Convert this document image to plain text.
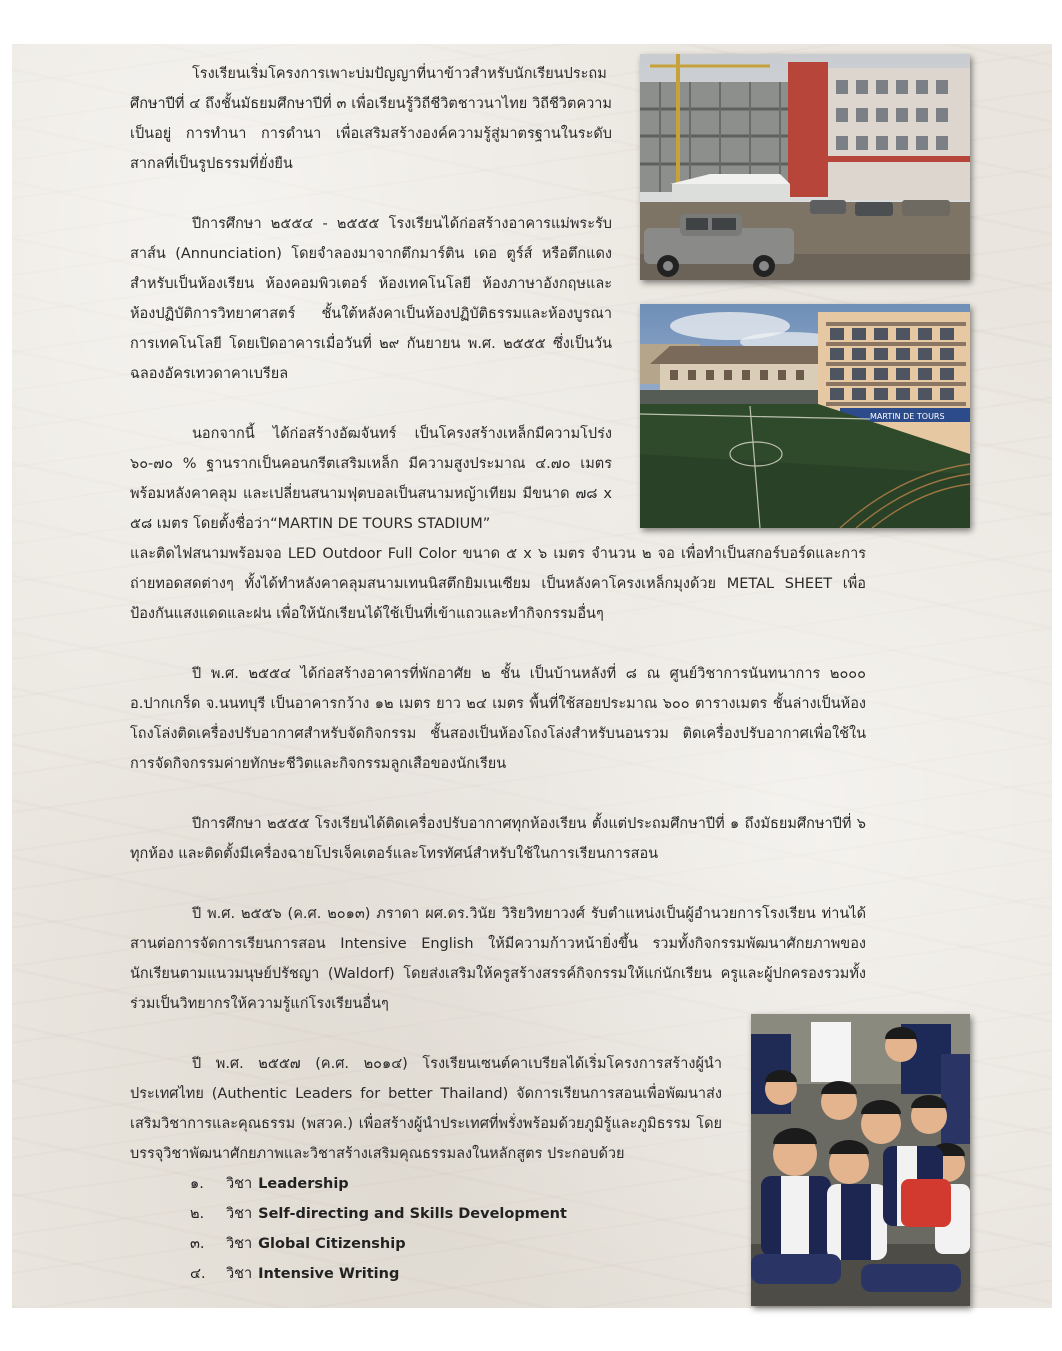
โรงเรียนเริ่มโครงการเพาะบ่มปัญญาที่นาข้าวสำหรับนักเรียนประถมศึกษาปีที่ ๔ ถึงชั้นมัธยมศึกษาปีที่ ๓ เพื่อเรียนรู้วิถีชีวิตชาวนาไทย วิถีชีวิตความเป็นอยู่ การทำนา การดำนา เพื่อเสริมสร้างองค์ความรู้สู่มาตรฐานในระดับสากลที่เป็นรูปธรรมที่ยั่งยืน

ปีการศึกษา ๒๕๕๔ - ๒๕๕๕ โรงเรียนได้ก่อสร้างอาคารแม่พระรับสาส์น (Annunciation) โดยจำลองมาจากตึกมาร์ติน เดอ ตูร์ส์ หรือตึกแดง สำหรับเป็นห้องเรียน ห้องคอมพิวเตอร์ ห้องเทคโนโลยี ห้องภาษาอังกฤษและห้องปฏิบัติการวิทยาศาสตร์ ชั้นใต้หลังคาเป็นห้องปฏิบัติธรรมและห้องบูรณาการเทคโนโลยี โดยเปิดอาคารเมื่อวันที่ ๒๙ กันยายน พ.ศ. ๒๕๕๕ ซึ่งเป็นวันฉลองอัครเทวดาคาเบรียล

นอกจากนี้ ได้ก่อสร้างอัฒจันทร์ เป็นโครงสร้างเหล็กมีความโปร่ง ๖๐-๗๐ % ฐานรากเป็นคอนกรีตเสริมเหล็ก มีความสูงประมาณ ๔.๗๐ เมตร พร้อมหลังคาคลุม และเปลี่ยนสนามฟุตบอลเป็นสนามหญ้าเทียม มีขนาด ๗๘ x ๕๘ เมตร โดยตั้งชื่อว่า“MARTIN DE TOURS STADIUM”

และติดไฟสนามพร้อมจอ LED Outdoor Full Color ขนาด ๕ x ๖ เมตร จำนวน ๒ จอ เพื่อทำเป็นสกอร์บอร์ดและการถ่ายทอดสดต่างๆ ทั้งได้ทำหลังคาคลุมสนามเทนนิสตึกยิมเนเซียม เป็นหลังคาโครงเหล็กมุงด้วย METAL SHEET เพื่อป้องกันแสงแดดและฝน เพื่อให้นักเรียนได้ใช้เป็นที่เข้าแถวและทำกิจกรรมอื่นๆ

ปี พ.ศ. ๒๕๕๔ ได้ก่อสร้างอาคารที่พักอาศัย ๒ ชั้น เป็นบ้านหลังที่ ๘ ณ ศูนย์วิชาการนันทนาการ ๒๐๐๐ อ.ปากเกร็ด จ.นนทบุรี เป็นอาคารกว้าง ๑๒ เมตร ยาว ๒๔ เมตร พื้นที่ใช้สอยประมาณ ๖๐๐ ตารางเมตร ชั้นล่างเป็นห้องโถงโล่งติดเครื่องปรับอากาศสำหรับจัดกิจกรรม ชั้นสองเป็นห้องโถงโล่งสำหรับนอนรวม ติดเครื่องปรับอากาศเพื่อใช้ในการจัดกิจกรรมค่ายทักษะชีวิตและกิจกรรมลูกเสือของนักเรียน

ปีการศึกษา ๒๕๕๕ โรงเรียนได้ติดเครื่องปรับอากาศทุกห้องเรียน ตั้งแต่ประถมศึกษาปีที่ ๑ ถึงมัธยมศึกษาปีที่ ๖ ทุกห้อง และติดตั้งมีเครื่องฉายโปรเจ็คเตอร์และโทรทัศน์สำหรับใช้ในการเรียนการสอน

ปี พ.ศ. ๒๕๕๖ (ค.ศ. ๒๐๑๓) ภราดา ผศ.ดร.วินัย วิริยวิทยาวงศ์ รับตำแหน่งเป็นผู้อำนวยการโรงเรียน ท่านได้สานต่อการจัดการเรียนการสอน Intensive English ให้มีความก้าวหน้ายิ่งขึ้น รวมทั้งกิจกรรมพัฒนาศักยภาพของนักเรียนตามแนวมนุษย์ปรัชญา (Waldorf) โดยส่งเสริมให้ครูสร้างสรรค์กิจกรรมให้แก่นักเรียน ครูและผู้ปกครองรวมทั้งร่วมเป็นวิทยากรให้ความรู้แก่โรงเรียนอื่นๆ

ปี พ.ศ. ๒๕๕๗ (ค.ศ. ๒๐๑๔) โรงเรียนเซนต์คาเบรียลได้เริ่มโครงการสร้างผู้นำประเทศไทย (Authentic Leaders for better Thailand) จัดการเรียนการสอนเพื่อพัฒนาส่งเสริมวิชาการและคุณธรรม (พสวค.) เพื่อสร้างผู้นำประเทศที่พรั่งพร้อมด้วยภูมิรู้และภูมิธรรม โดยบรรจุวิชาพัฒนาศักยภาพและวิชาสร้างเสริมคุณธรรมลงในหลักสูตร ประกอบด้วย

๑. วิชา Leadership
๒. วิชา Self-directing and Skills Development
๓. วิชา Global Citizenship
๔. วิชา Intensive Writing
MARTIN DE TOURS
